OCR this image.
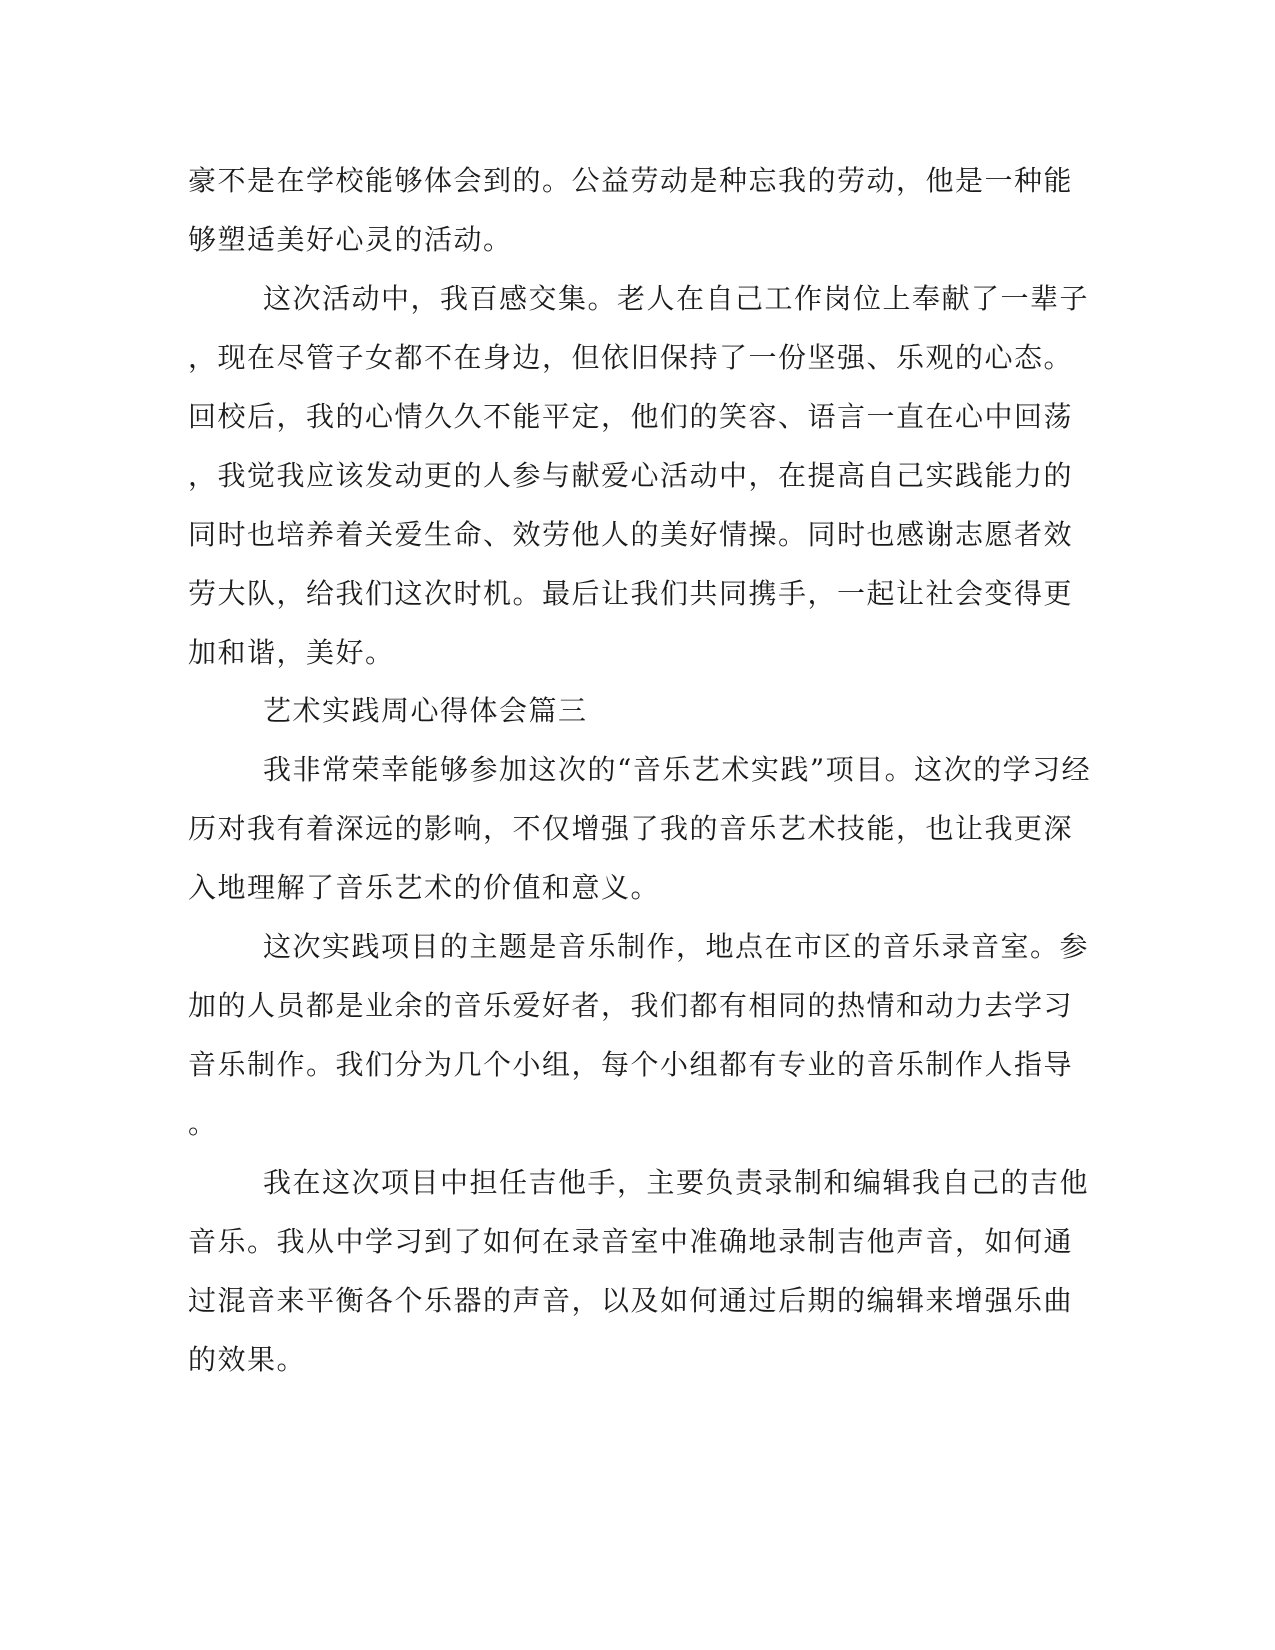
豪不是在学校能够体会到的。公益劳动是种忘我的劳动，他是一种能

够塑适美好心灵的活动。

这次活动中，我百感交集。老人在自己工作岗位上奉献了一辈子

，现在尽管子女都不在身边，但依旧保持了一份坚强、乐观的心态。

回校后，我的心情久久不能平定，他们的笑容、语言一直在心中回荡

，我觉我应该发动更的人参与献爱心活动中，在提高自己实践能力的

同时也培养着关爱生命、效劳他人的美好情操。同时也感谢志愿者效

劳大队，给我们这次时机。最后让我们共同携手，一起让社会变得更

加和谐，美好。

艺术实践周心得体会篇三

我非常荣幸能够参加这次的“音乐艺术实践”项目。这次的学习经

历对我有着深远的影响，不仅增强了我的音乐艺术技能，也让我更深

入地理解了音乐艺术的价值和意义。

这次实践项目的主题是音乐制作，地点在市区的音乐录音室。参

加的人员都是业余的音乐爱好者，我们都有相同的热情和动力去学习

音乐制作。我们分为几个小组，每个小组都有专业的音乐制作人指导

。

我在这次项目中担任吉他手，主要负责录制和编辑我自己的吉他

音乐。我从中学习到了如何在录音室中准确地录制吉他声音，如何通

过混音来平衡各个乐器的声音，以及如何通过后期的编辑来增强乐曲

的效果。
